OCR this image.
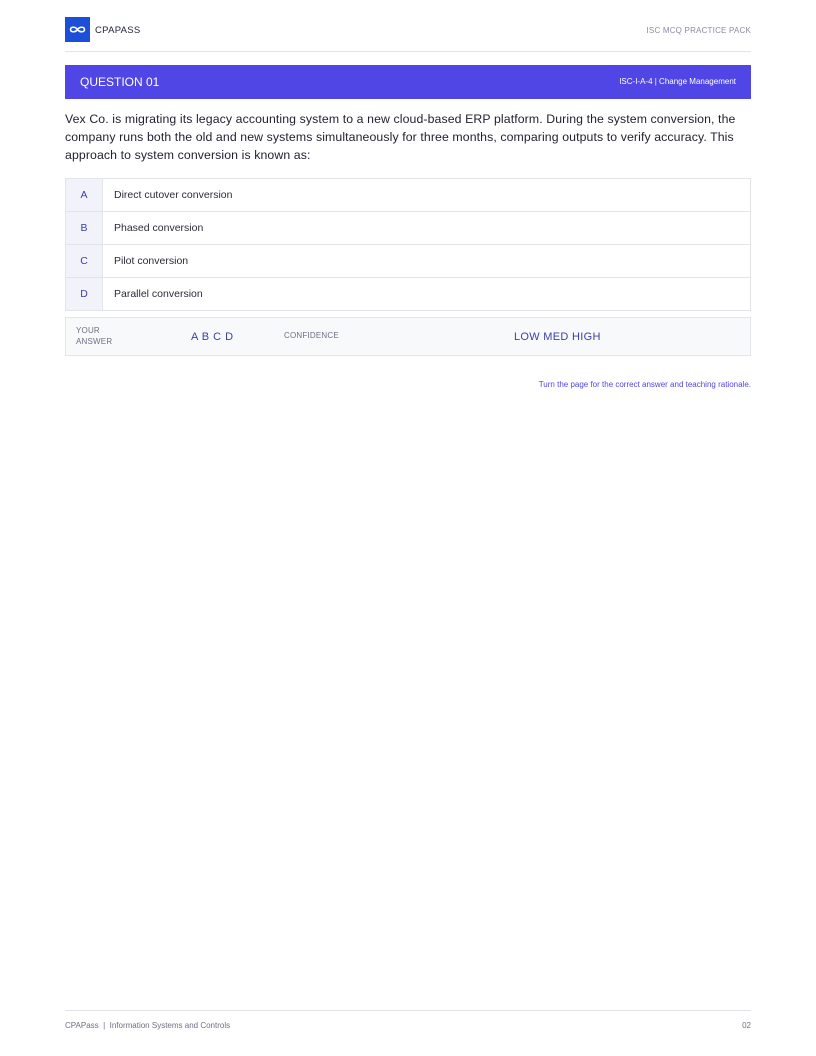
CPAPASS	ISC MCQ PRACTICE PACK
QUESTION 01	ISC-I-A-4 | Change Management
Vex Co. is migrating its legacy accounting system to a new cloud-based ERP platform. During the system conversion, the company runs both the old and new systems simultaneously for three months, comparing outputs to verify accuracy. This approach to system conversion is known as:
A	Direct cutover conversion
B	Phased conversion
C	Pilot conversion
D	Parallel conversion
YOUR ANSWER	A B C D	CONFIDENCE	LOW MED HIGH
Turn the page for the correct answer and teaching rationale.
CPAPass  |  Information Systems and Controls	02
